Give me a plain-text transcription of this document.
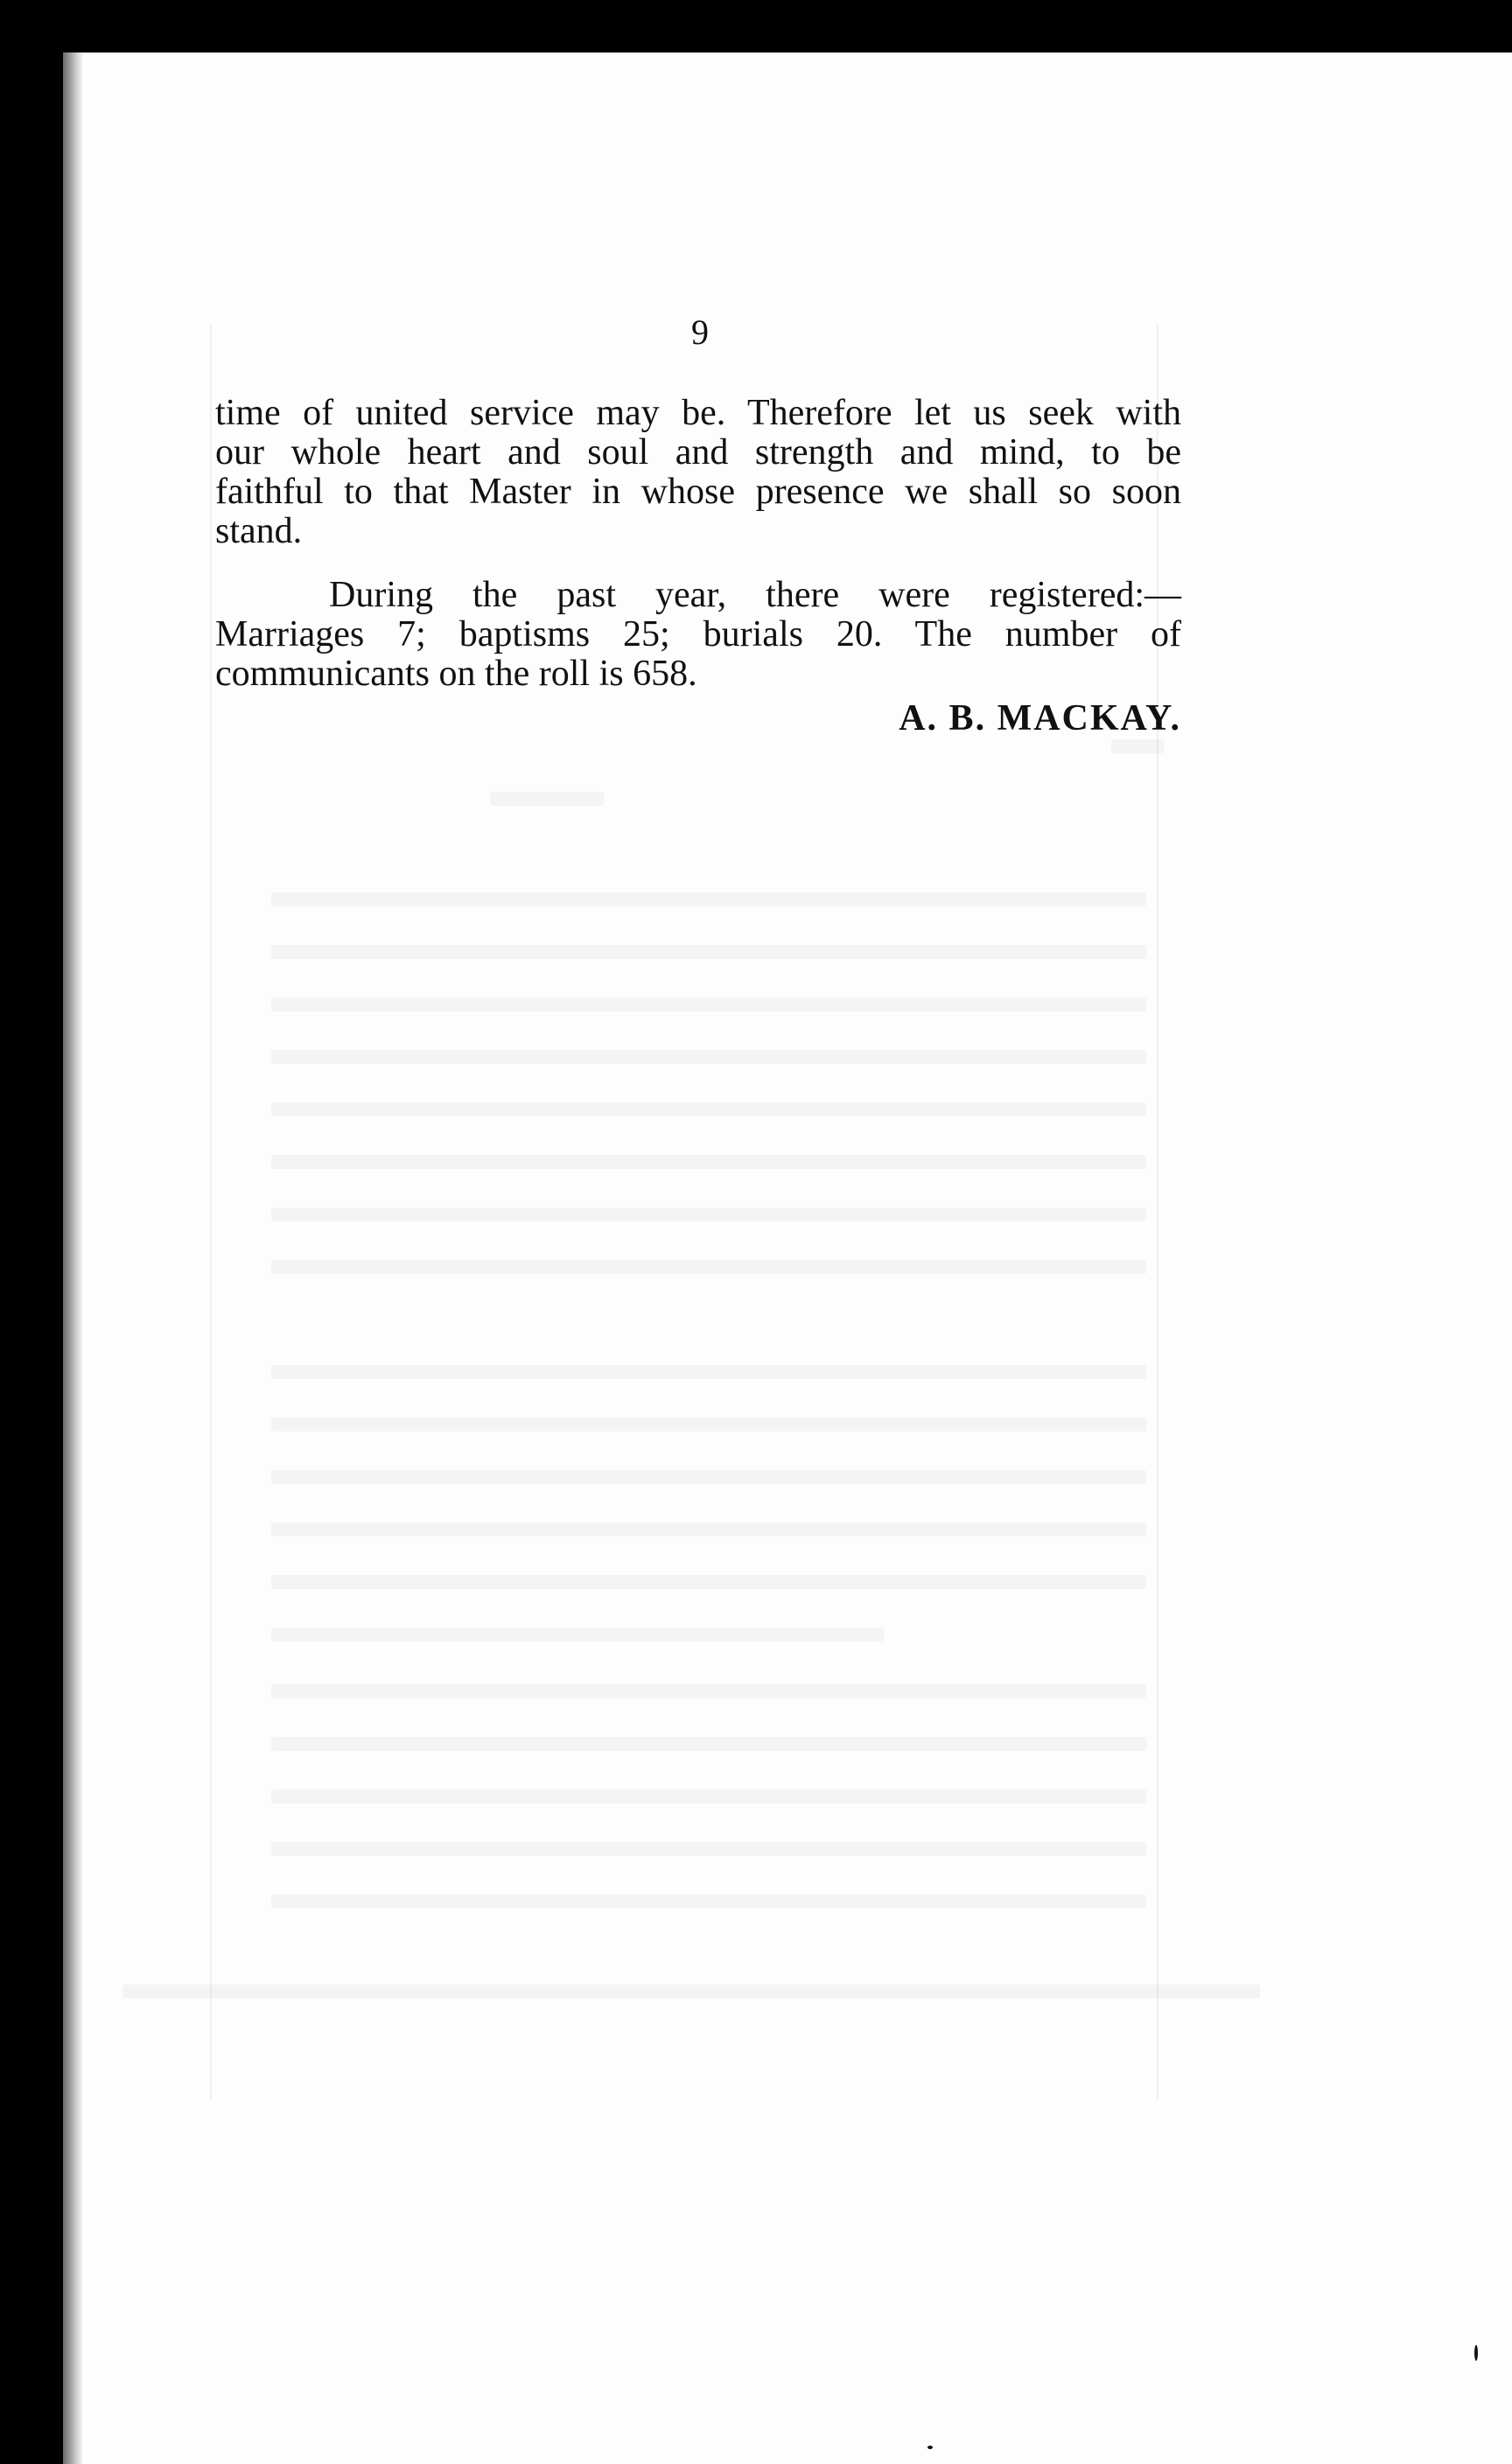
9
time of united service may be. Therefore let us seek with
our whole heart and soul and strength and mind, to be
faithful to that Master in whose presence we shall so soon
stand.
During the past year, there were registered:—
Marriages 7; baptisms 25; burials 20. The number of
communicants on the roll is 658.
A. B. MACKAY.
